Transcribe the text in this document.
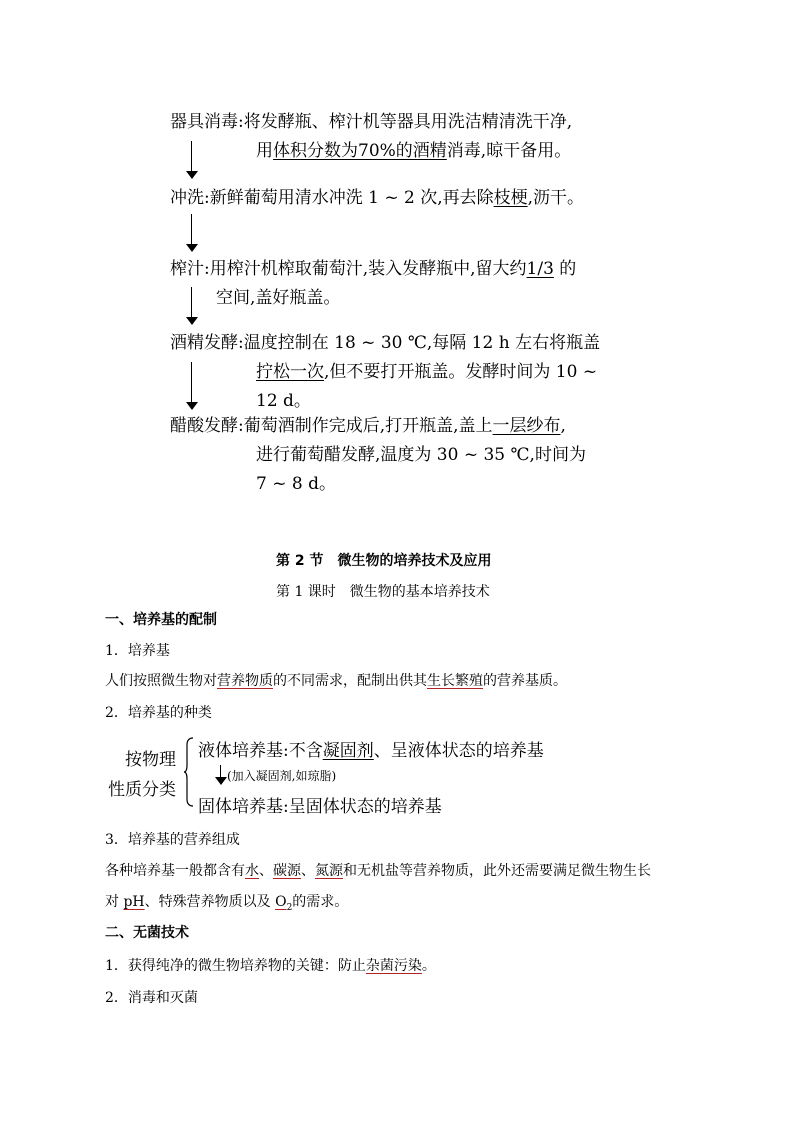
器具消毒:将发酵瓶、榨汁机等器具用洗洁精清洗干净,
用体积分数为70%的酒精消毒,晾干备用。
冲洗:新鲜葡萄用清水冲洗 1 ~ 2 次,再去除枝梗,沥干。
榨汁:用榨汁机榨取葡萄汁,装入发酵瓶中,留大约1/3 的
空间,盖好瓶盖。
酒精发酵:温度控制在 18 ~ 30 ℃,每隔 12 h 左右将瓶盖
拧松一次,但不要打开瓶盖。发酵时间为 10 ~
12 d。
醋酸发酵:葡萄酒制作完成后,打开瓶盖,盖上一层纱布,
进行葡萄醋发酵,温度为 30 ~ 35 ℃,时间为
7 ~ 8 d。
第 2 节　微生物的培养技术及应用
第 1 课时　微生物的基本培养技术
一、培养基的配制
1．培养基
人们按照微生物对营养物质的不同需求，配制出供其生长繁殖的营养基质。
2．培养基的种类
按物理
性质分类
液体培养基:不含凝固剂、呈液体状态的培养基
(加入凝固剂,如琼脂)
固体培养基:呈固体状态的培养基
3．培养基的营养组成
各种培养基一般都含有水、碳源、氮源和无机盐等营养物质，此外还需要满足微生物生长
对 pH、特殊营养物质以及 $O_2$的需求。
二、无菌技术
1．获得纯净的微生物培养物的关键：防止杂菌污染。
2．消毒和灭菌
